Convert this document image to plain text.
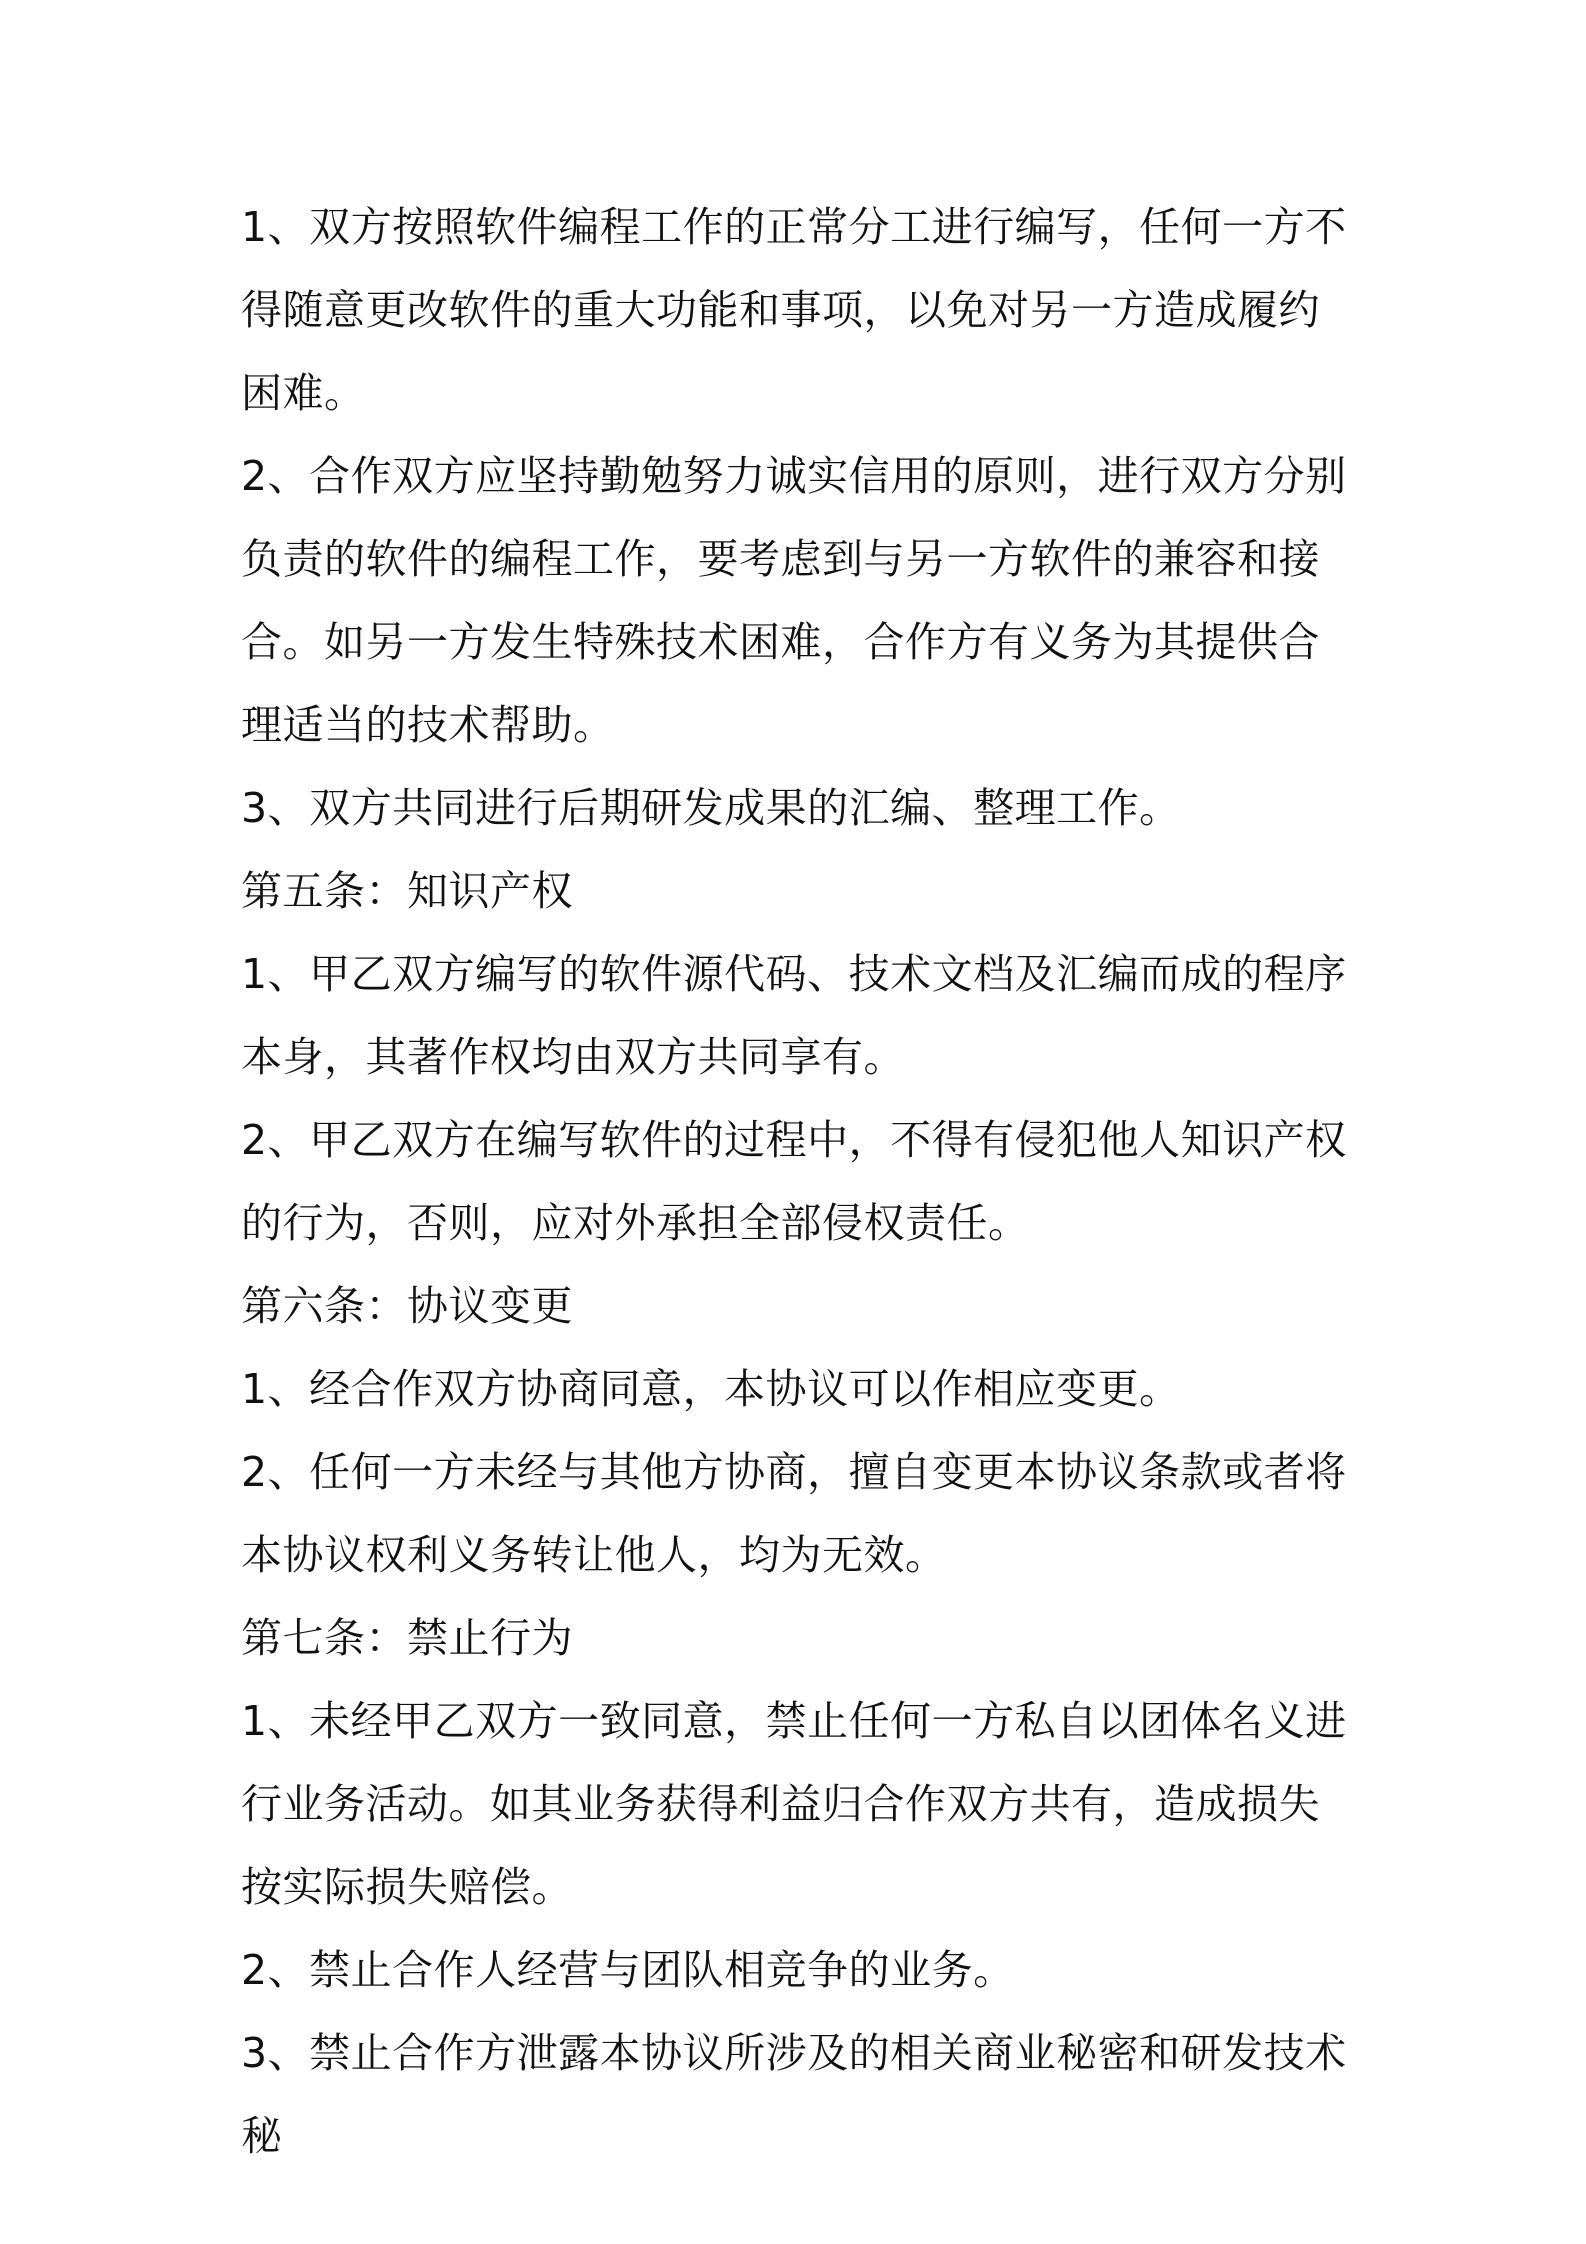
1、双方按照软件编程工作的正常分工进行编写，任何一方不得随意更改软件的重大功能和事项，以免对另一方造成履约困难。

2、合作双方应坚持勤勉努力诚实信用的原则，进行双方分别负责的软件的编程工作，要考虑到与另一方软件的兼容和接合。如另一方发生特殊技术困难，合作方有义务为其提供合理适当的技术帮助。

3、双方共同进行后期研发成果的汇编、整理工作。

第五条：知识产权

1、甲乙双方编写的软件源代码、技术文档及汇编而成的程序本身，其著作权均由双方共同享有。

2、甲乙双方在编写软件的过程中，不得有侵犯他人知识产权的行为，否则，应对外承担全部侵权责任。

第六条：协议变更

1、经合作双方协商同意，本协议可以作相应变更。

2、任何一方未经与其他方协商，擅自变更本协议条款或者将本协议权利义务转让他人，均为无效。

第七条：禁止行为

1、未经甲乙双方一致同意，禁止任何一方私自以团体名义进行业务活动。如其业务获得利益归合作双方共有，造成损失按实际损失赔偿。

2、禁止合作人经营与团队相竞争的业务。

3、禁止合作方泄露本协议所涉及的相关商业秘密和研发技术秘
